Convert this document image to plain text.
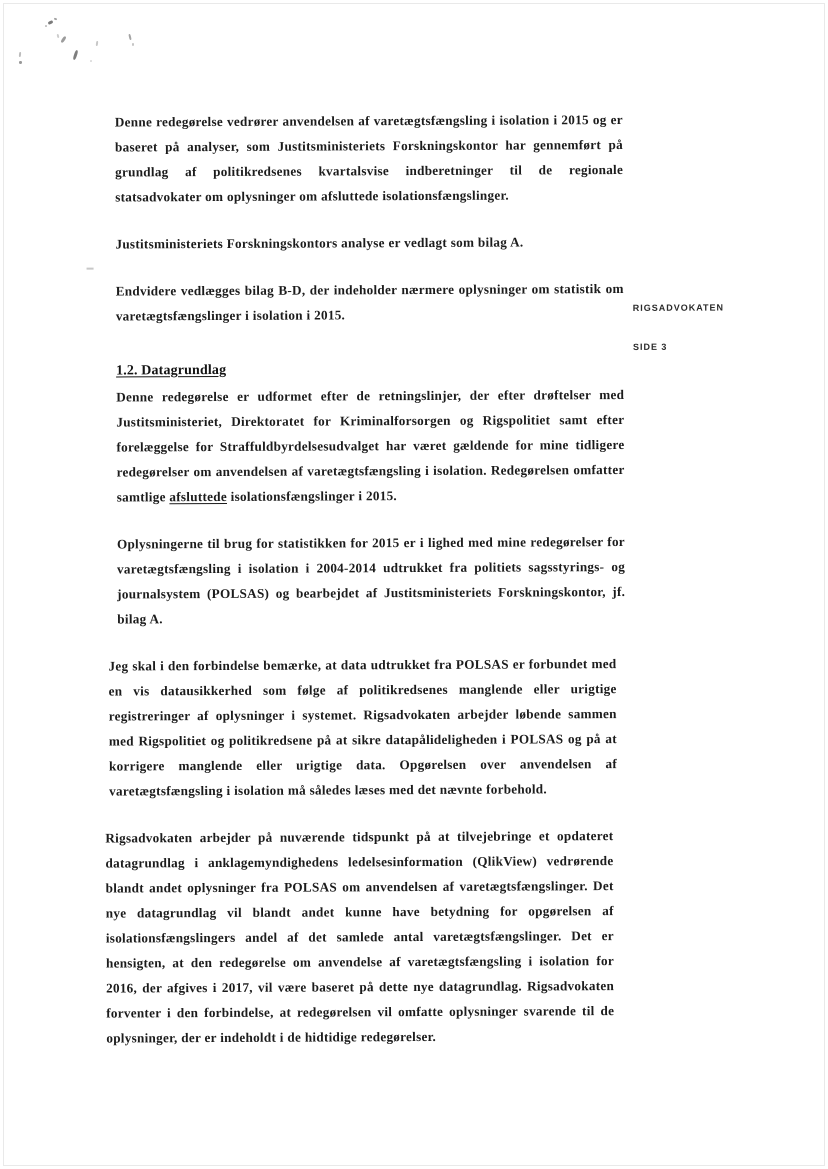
RIGSADVOKATEN
SIDE 3

Denne redegørelse vedrører anvendelsen af varetægtsfængsling i isolation i 2015 og er baseret på analyser, som Justitsministeriets Forskningskontor har gennemført på grundlag af politikredsenes kvartalsvise indberetninger til de regionale statsadvokater om oplysninger om afsluttede isolationsfængslinger.

Justitsministeriets Forskningskontors analyse er vedlagt som bilag A.

Endvidere vedlægges bilag B-D, der indeholder nærmere oplysninger om statistik om varetægtsfængslinger i isolation i 2015.

1.2. Datagrundlag

Denne redegørelse er udformet efter de retningslinjer, der efter drøftelser med Justitsministeriet, Direktoratet for Kriminalforsorgen og Rigspolitiet samt efter forelæggelse for Straffuldbyrdelsesudvalget har været gældende for mine tidligere redegørelser om anvendelsen af varetægtsfængsling i isolation. Redegørelsen omfatter samtlige afsluttede isolationsfængslinger i 2015.

Oplysningerne til brug for statistikken for 2015 er i lighed med mine redegørelser for varetægtsfængsling i isolation i 2004-2014 udtrukket fra politiets sagsstyrings- og journalsystem (POLSAS) og bearbejdet af Justitsministeriets Forskningskontor, jf. bilag A.

Jeg skal i den forbindelse bemærke, at data udtrukket fra POLSAS er forbundet med en vis datausikkerhed som følge af politikredsenes manglende eller urigtige registreringer af oplysninger i systemet. Rigsadvokaten arbejder løbende sammen med Rigspolitiet og politikredsene på at sikre datapålideligheden i POLSAS og på at korrigere manglende eller urigtige data. Opgørelsen over anvendelsen af varetægtsfængsling i isolation må således læses med det nævnte forbehold.

Rigsadvokaten arbejder på nuværende tidspunkt på at tilvejebringe et opdateret datagrundlag i anklagemyndighedens ledelsesinformation (QlikView) vedrørende blandt andet oplysninger fra POLSAS om anvendelsen af varetægtsfængslinger. Det nye datagrundlag vil blandt andet kunne have betydning for opgørelsen af isolationsfængslingers andel af det samlede antal varetægtsfængslinger. Det er hensigten, at den redegørelse om anvendelse af varetægtsfængsling i isolation for 2016, der afgives i 2017, vil være baseret på dette nye datagrundlag. Rigsadvokaten forventer i den forbindelse, at redegørelsen vil omfatte oplysninger svarende til de oplysninger, der er indeholdt i de hidtidige redegørelser.
